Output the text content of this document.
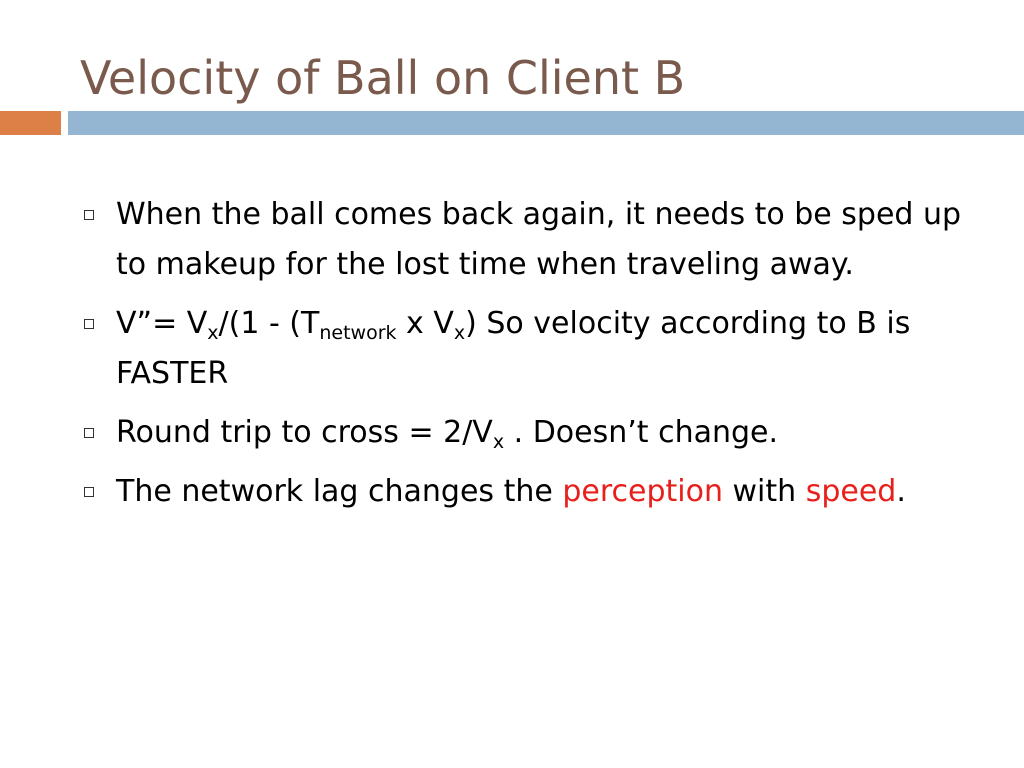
Velocity of Ball on Client B
When the ball comes back again, it needs to be sped up to makeup for the lost time when traveling away.
V”= $V_x/(1 - (T_{network}$ x $V_x$) So velocity according to B is FASTER
Round trip to cross = $2/V_x$ . Doesn’t change.
The network lag changes the perception with speed.
